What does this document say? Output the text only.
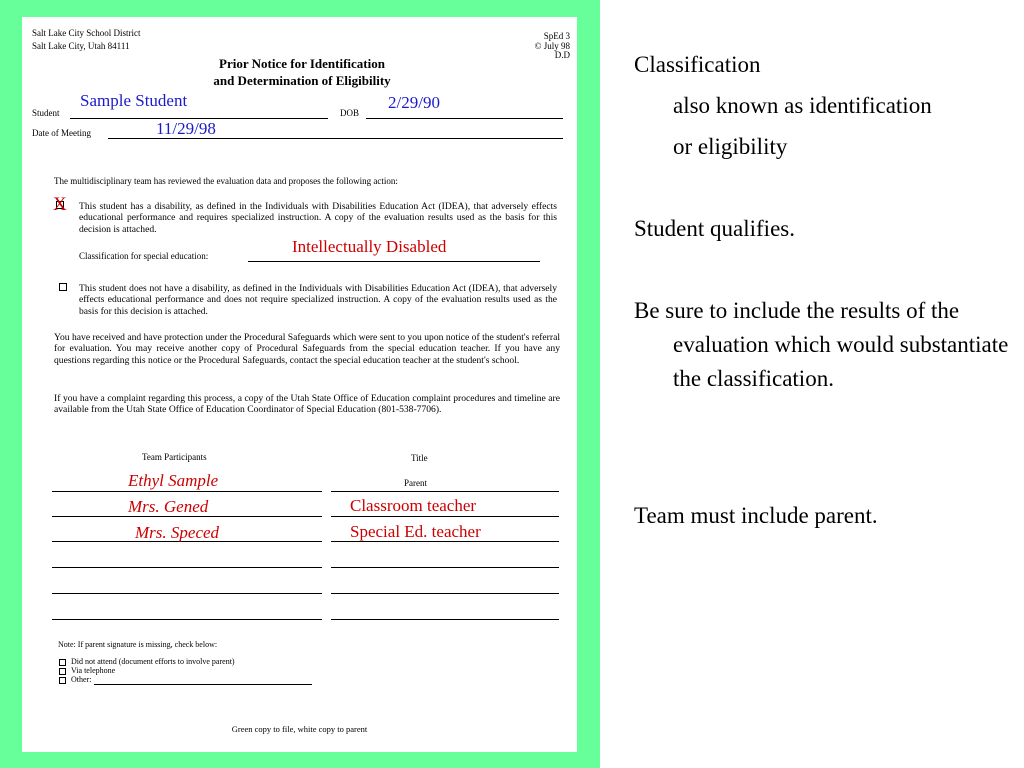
Salt Lake City School District
Salt Lake City, Utah 84111
SpEd 3
© July 98
D.D
Prior Notice for Identification
and Determination of Eligibility
Student
Sample Student
DOB
2/29/90
Date of Meeting	11/29/98
The multidisciplinary team has reviewed the evaluation data and proposes the following action:
X This student has a disability, as defined in the Individuals with Disabilities Education Act (IDEA), that adversely effects educational performance and requires specialized instruction. A copy of the evaluation results used as the basis for this decision is attached.
Classification for special education:	Intellectually Disabled
This student does not have a disability, as defined in the Individuals with Disabilities Education Act (IDEA), that adversely effects educational performance and does not require specialized instruction. A copy of the evaluation results used as the basis for this decision is attached.
You have received and have protection under the Procedural Safeguards which were sent to you upon notice of the student's referral for evaluation. You may receive another copy of Procedural Safeguards from the special education teacher. If you have any questions regarding this notice or the Procedural Safeguards, contact the special education teacher at the student's school.
If you have a complaint regarding this process, a copy of the Utah State Office of Education complaint procedures and timeline are available from the Utah State Office of Education Coordinator of Special Education (801-538-7706).
Team Participants	Title
Ethyl Sample	Parent
Mrs. Gened	Classroom teacher
Mrs. Speced	Special Ed. teacher
Note: If parent signature is missing, check below:
Did not attend (document efforts to involve parent)
Via telephone
Other:
Green copy to file, white copy to parent
Classification
also known as identification
or eligibility
Student qualifies.
Be sure to include the results of the evaluation which would substantiate the classification.
Team must include parent.
